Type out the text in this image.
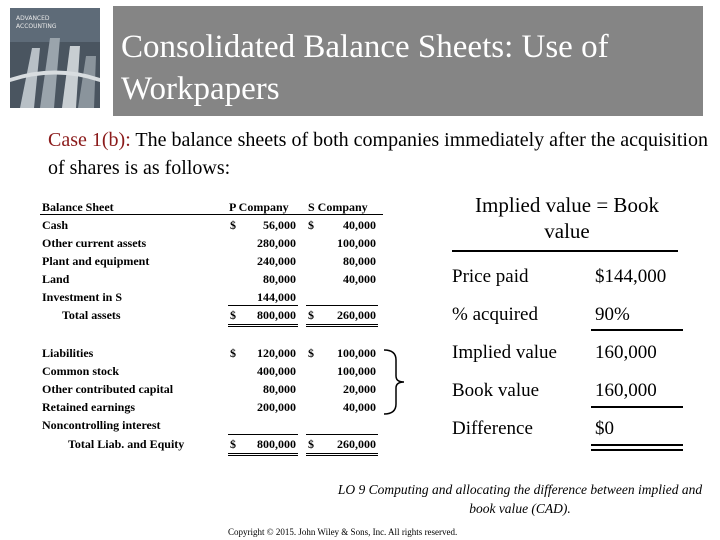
ADVANCED
ACCOUNTING
Consolidated Balance Sheets: Use of Workpapers
Case 1(b): The balance sheets of both companies immediately after the acquisition of shares is as follows:
Balance Sheet	P Company S Company
Cash	$	56,000 $	40,000
Other current assets	280,000	100,000
Plant and equipment	240,000	80,000
Land	80,000	40,000
Investment in S	144,000
Total assets	$	800,000 $	260,000
Liabilities	$	120,000 $	100,000
Common stock	400,000	100,000
Other contributed capital	80,000	20,000
Retained earnings	200,000	40,000
Noncontrolling interest
Total Liab. and Equity	$	800,000 $	260,000
Implied value = Book value
Price paid	$144,000
% acquired	90%
Implied value 160,000
Book value	160,000
Difference	$0
LO 9 Computing and allocating the difference between implied and book value (CAD).
Copyright © 2015. John Wiley & Sons, Inc. All rights reserved.
